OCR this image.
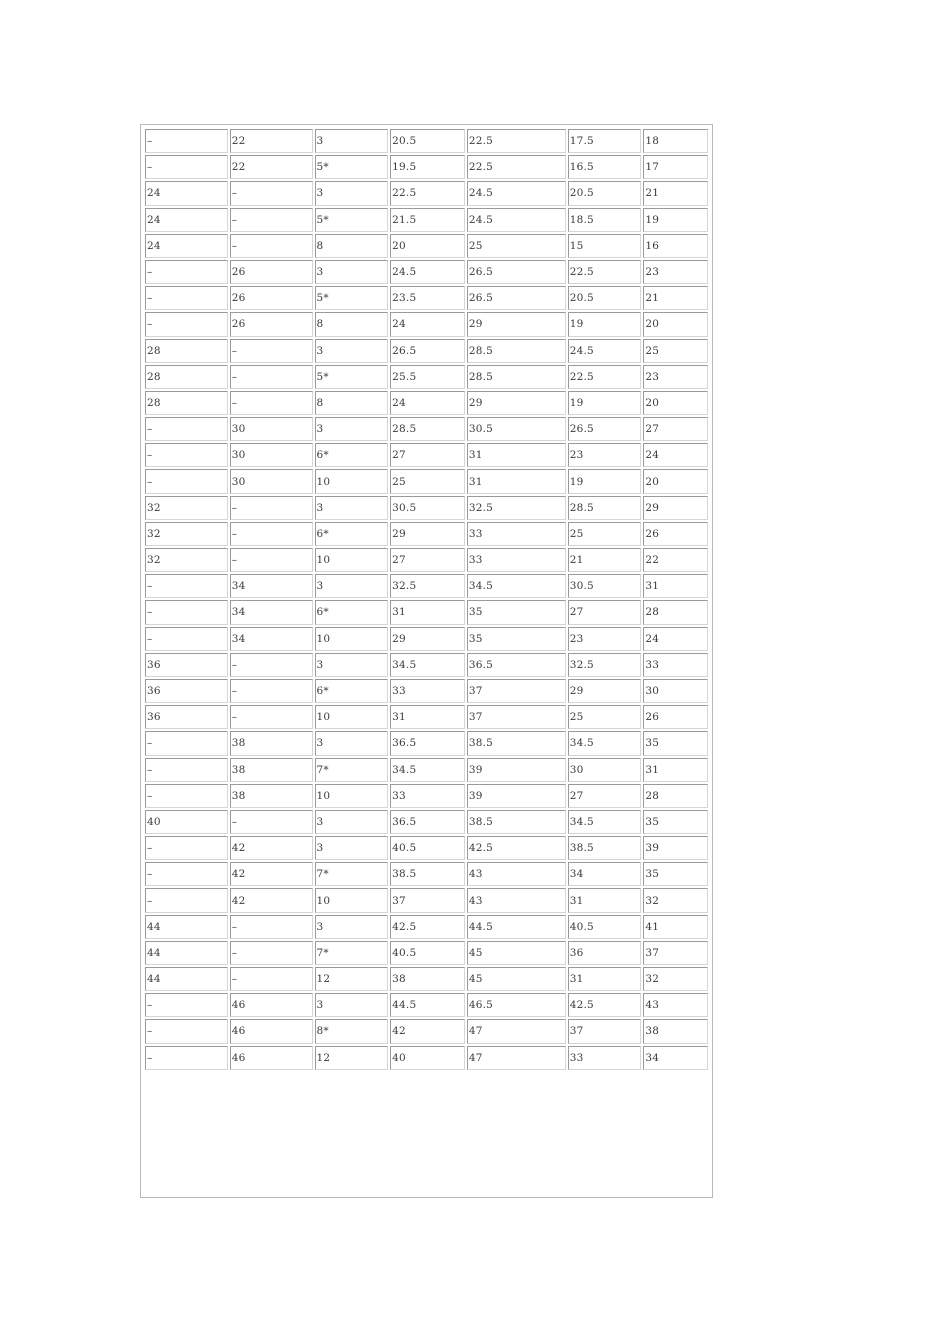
–	22	3	20.5	22.5	17.5	18
–	22	5*	19.5	22.5	16.5	17
24	–	3	22.5	24.5	20.5	21
24	–	5*	21.5	24.5	18.5	19
24	–	8	20	25	15	16
–	26	3	24.5	26.5	22.5	23
–	26	5*	23.5	26.5	20.5	21
–	26	8	24	29	19	20
28	–	3	26.5	28.5	24.5	25
28	–	5*	25.5	28.5	22.5	23
28	–	8	24	29	19	20
–	30	3	28.5	30.5	26.5	27
–	30	6*	27	31	23	24
–	30	10	25	31	19	20
32	–	3	30.5	32.5	28.5	29
32	–	6*	29	33	25	26
32	–	10	27	33	21	22
–	34	3	32.5	34.5	30.5	31
–	34	6*	31	35	27	28
–	34	10	29	35	23	24
36	–	3	34.5	36.5	32.5	33
36	–	6*	33	37	29	30
36	–	10	31	37	25	26
–	38	3	36.5	38.5	34.5	35
–	38	7*	34.5	39	30	31
–	38	10	33	39	27	28
40	–	3	36.5	38.5	34.5	35
–	42	3	40.5	42.5	38.5	39
–	42	7*	38.5	43	34	35
–	42	10	37	43	31	32
44	–	3	42.5	44.5	40.5	41
44	–	7*	40.5	45	36	37
44	–	12	38	45	31	32
–	46	3	44.5	46.5	42.5	43
–	46	8*	42	47	37	38
–	46	12	40	47	33	34
